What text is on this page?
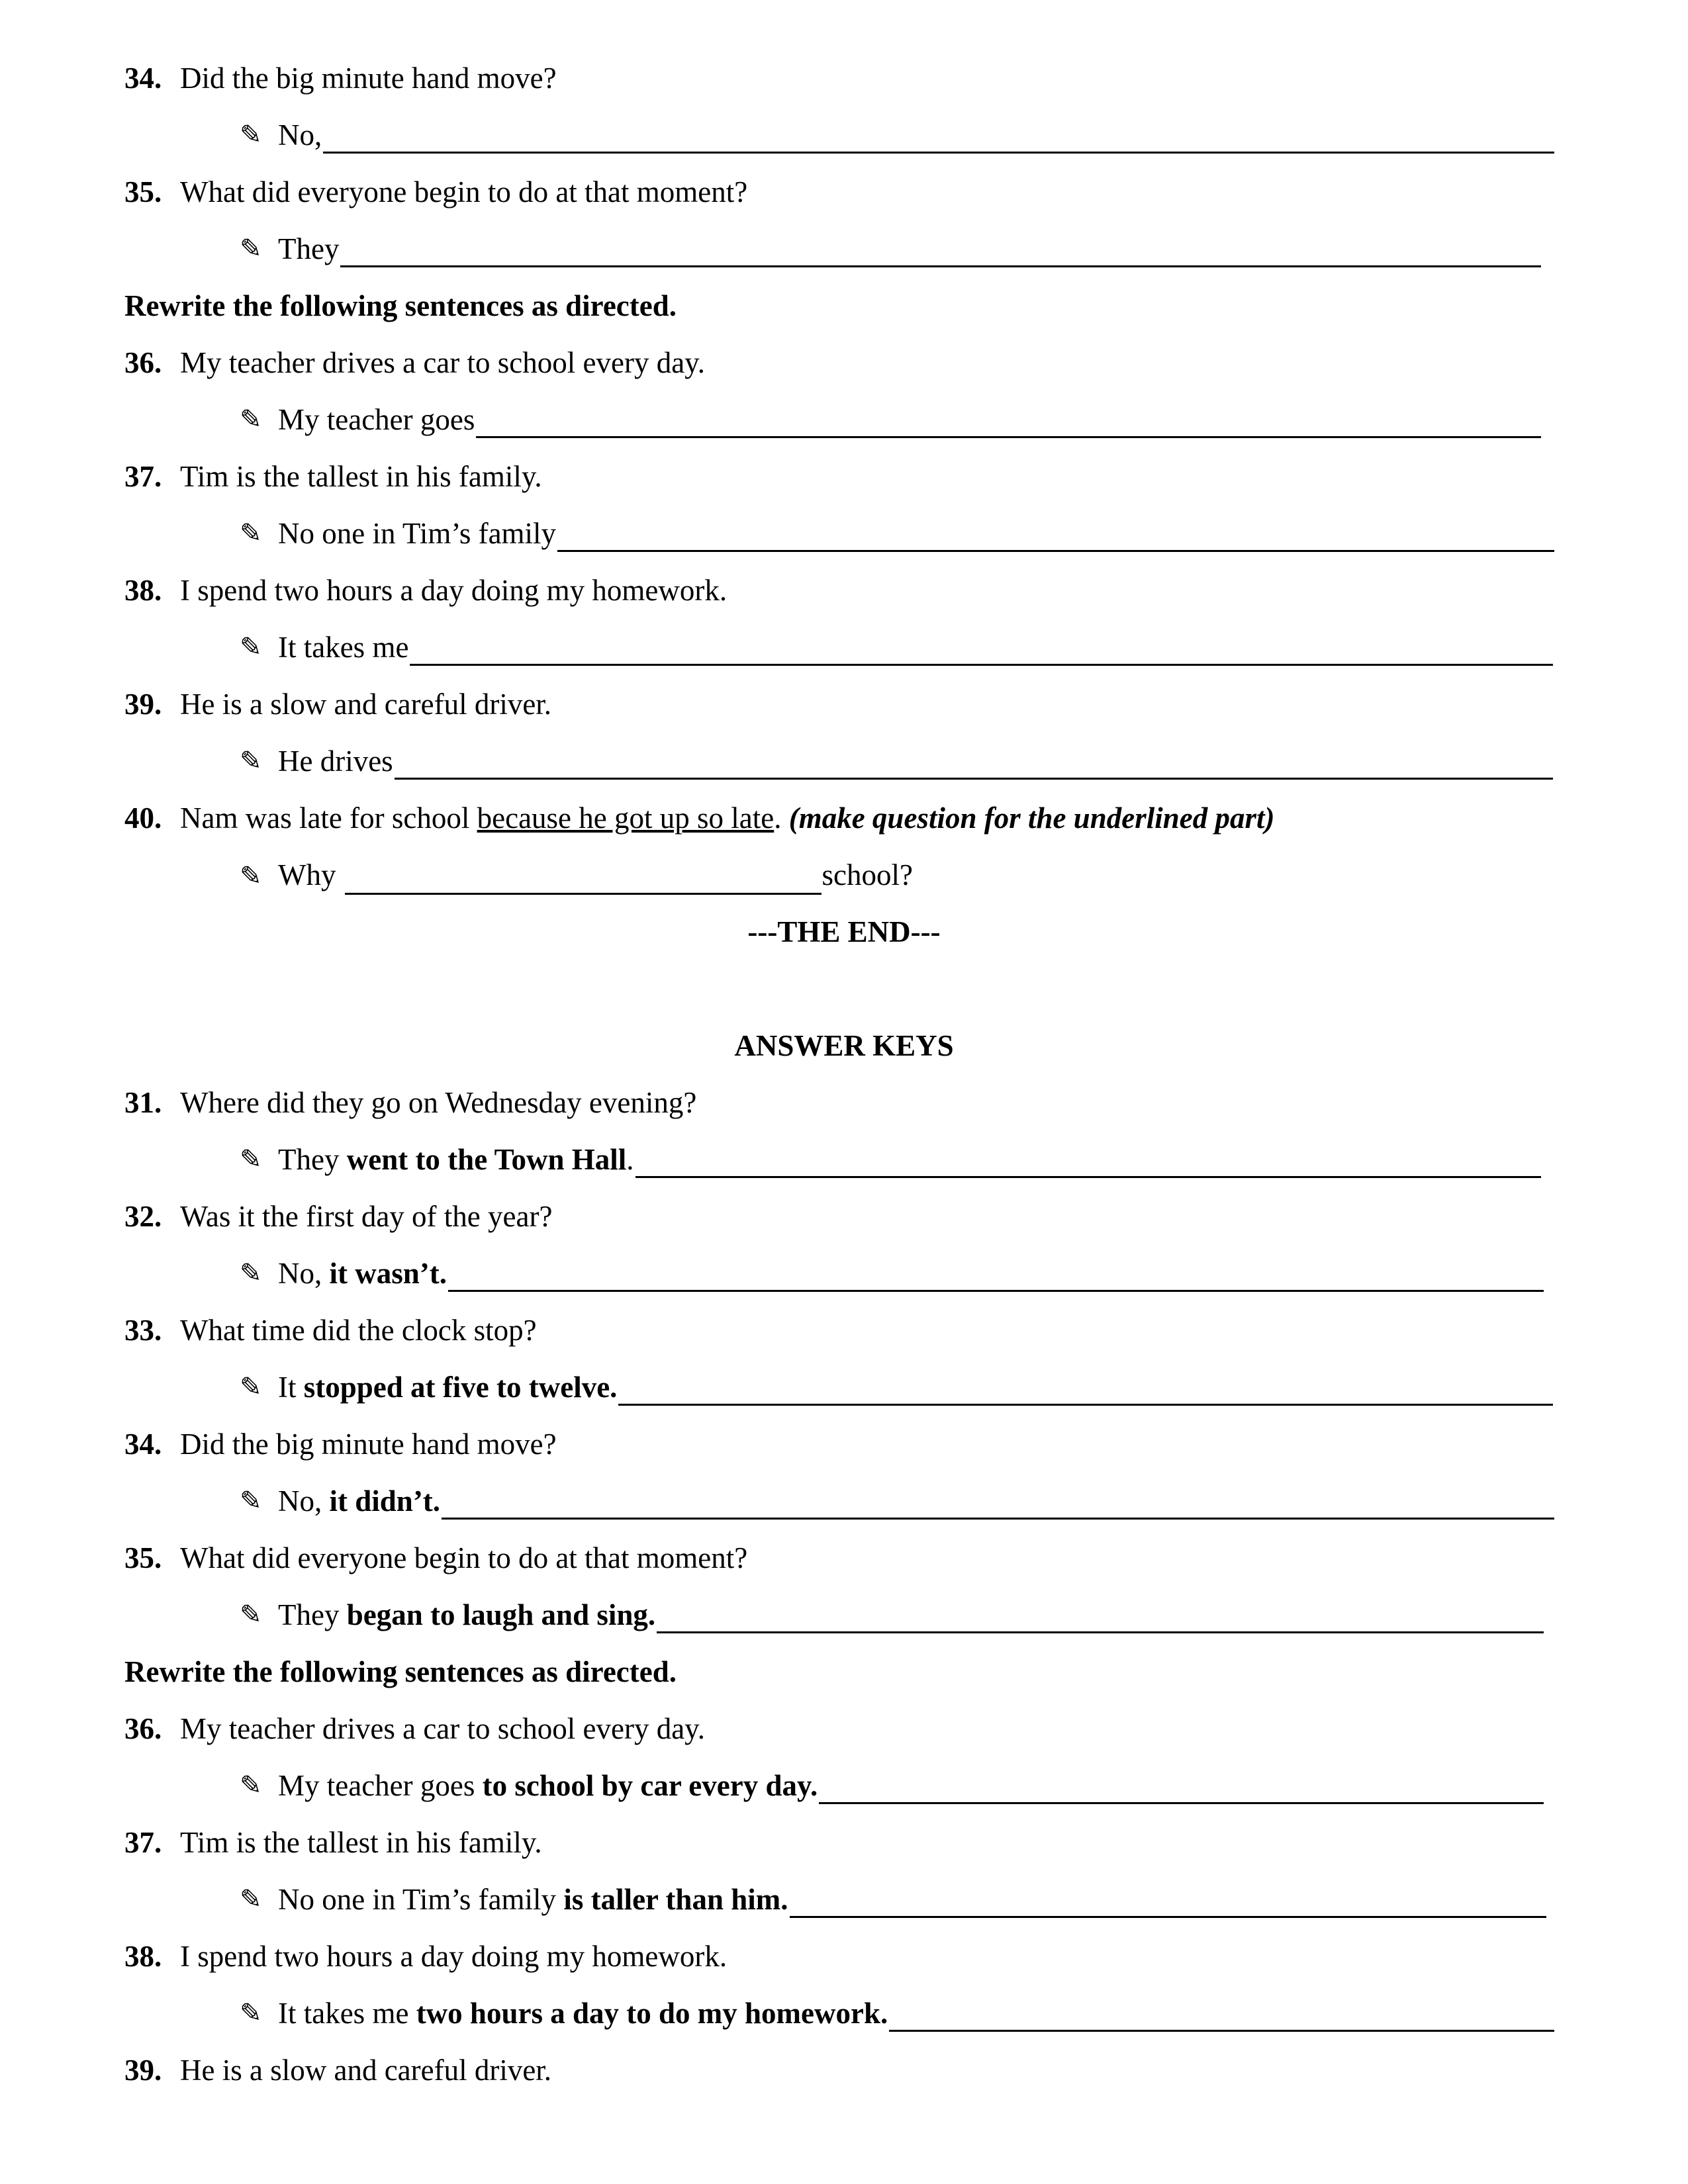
34. Did the big minute hand move?
✎ No,
35. What did everyone begin to do at that moment?
✎ They
Rewrite the following sentences as directed.
36. My teacher drives a car to school every day.
✎ My teacher goes
37. Tim is the tallest in his family.
✎ No one in Tim’s family
38. I spend two hours a day doing my homework.
✎ It takes me
39. He is a slow and careful driver.
✎ He drives
40. Nam was late for school because he got up so late. (make question for the underlined part)
✎ Why	school?
---THE END---
ANSWER KEYS
31. Where did they go on Wednesday evening?
✎ They went to the Town Hall .
32. Was it the first day of the year?
✎ No, it wasn’t.
33. What time did the clock stop?
✎ It stopped at five to twelve.
34. Did the big minute hand move?
✎ No, it didn’t.
35. What did everyone begin to do at that moment?
✎ They began to laugh and sing.
Rewrite the following sentences as directed.
36. My teacher drives a car to school every day.
✎ My teacher goes to school by car every day.
37. Tim is the tallest in his family.
✎ No one in Tim’s family is taller than him.
38. I spend two hours a day doing my homework.
✎ It takes me two hours a day to do my homework.
39. He is a slow and careful driver.
